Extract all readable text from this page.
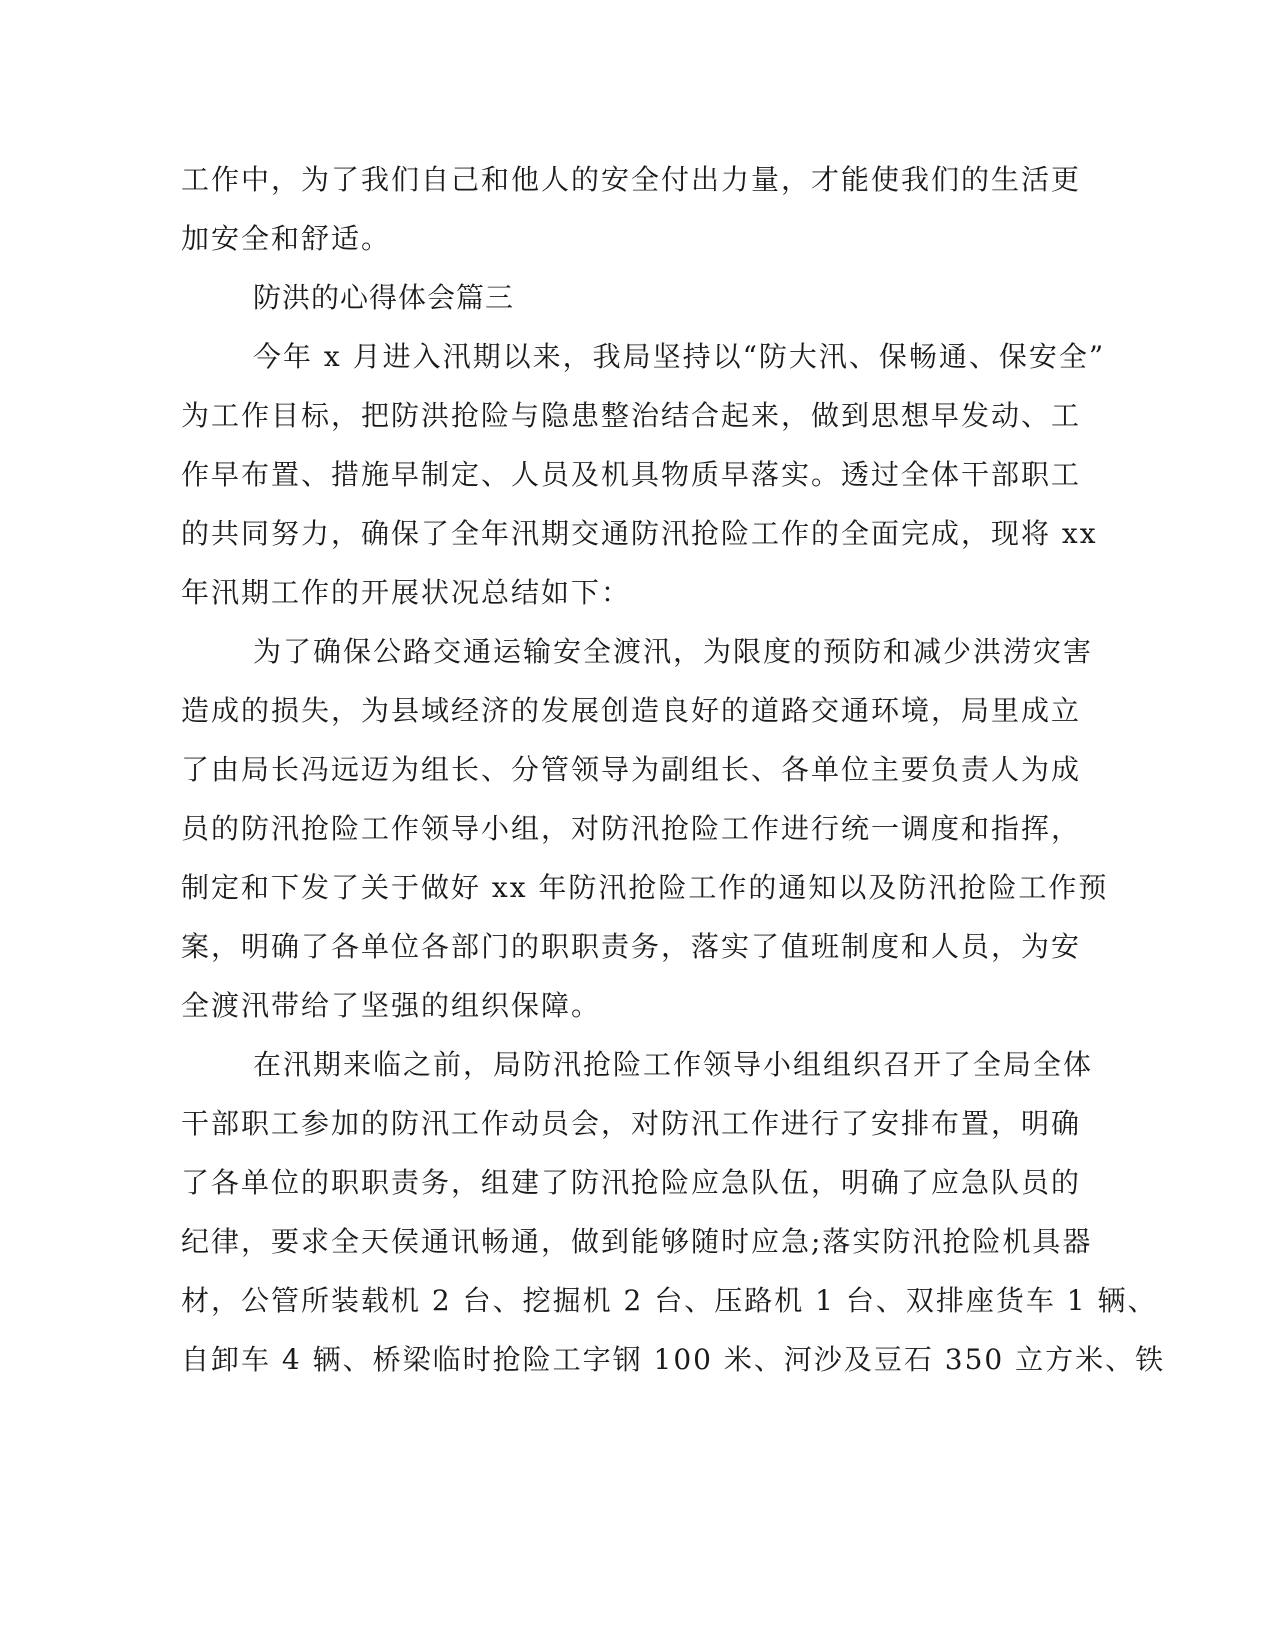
工作中，为了我们自己和他人的安全付出力量，才能使我们的生活更
加安全和舒适。
防洪的心得体会篇三
今年 x 月进入汛期以来，我局坚持以“防大汛、保畅通、保安全”
为工作目标，把防洪抢险与隐患整治结合起来，做到思想早发动、工
作早布置、措施早制定、人员及机具物质早落实。透过全体干部职工
的共同努力，确保了全年汛期交通防汛抢险工作的全面完成，现将 xx
年汛期工作的开展状况总结如下：
为了确保公路交通运输安全渡汛，为限度的预防和减少洪涝灾害
造成的损失，为县域经济的发展创造良好的道路交通环境，局里成立
了由局长冯远迈为组长、分管领导为副组长、各单位主要负责人为成
员的防汛抢险工作领导小组，对防汛抢险工作进行统一调度和指挥，
制定和下发了关于做好 xx 年防汛抢险工作的通知以及防汛抢险工作预
案，明确了各单位各部门的职职责务，落实了值班制度和人员，为安
全渡汛带给了坚强的组织保障。
在汛期来临之前，局防汛抢险工作领导小组组织召开了全局全体
干部职工参加的防汛工作动员会，对防汛工作进行了安排布置，明确
了各单位的职职责务，组建了防汛抢险应急队伍，明确了应急队员的
纪律，要求全天侯通讯畅通，做到能够随时应急;落实防汛抢险机具器
材，公管所装载机 2 台、挖掘机 2 台、压路机 1 台、双排座货车 1 辆、
自卸车 4 辆、桥梁临时抢险工字钢 100 米、河沙及豆石 350 立方米、铁
